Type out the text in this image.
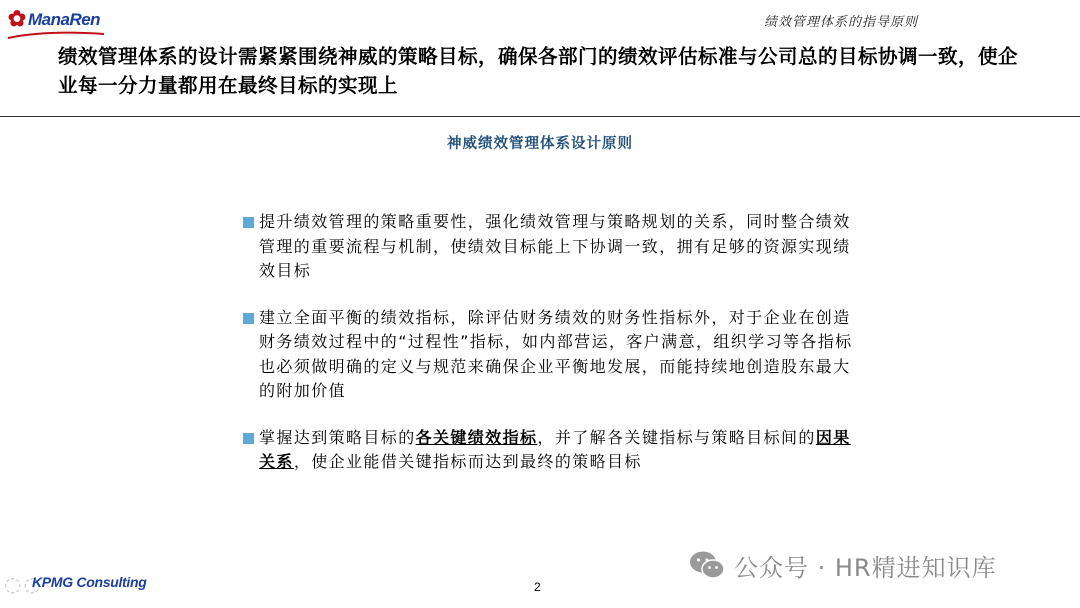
✿ ManaRen	绩效管理体系的指导原则
绩效管理体系的设计需紧紧围绕神威的策略目标，确保各部门的绩效评估标准与公司总的目标协调一致，使企业每一分力量都用在最终目标的实现上
神威绩效管理体系设计原则
提升绩效管理的策略重要性，强化绩效管理与策略规划的关系，同时整合绩效管理的重要流程与机制，使绩效目标能上下协调一致，拥有足够的资源实现绩效目标
建立全面平衡的绩效指标，除评估财务绩效的财务性指标外，对于企业在创造财务绩效过程中的“过程性”指标，如内部营运，客户满意，组织学习等各指标也必须做明确的定义与规范来确保企业平衡地发展，而能持续地创造股东最大的附加价值
掌握达到策略目标的各关键绩效指标，并了解各关键指标与策略目标间的因果关系，使企业能借关键指标而达到最终的策略目标
公众号 · HR精进知识库
◌◌
KPMG Consulting	2
